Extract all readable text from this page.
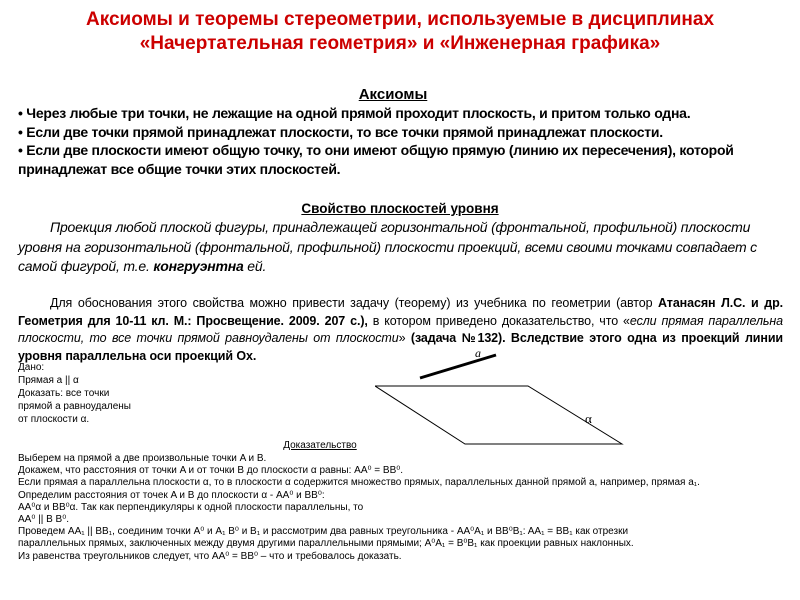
Аксиомы и теоремы стереометрии, используемые в дисциплинах
«Начертательная геометрия» и «Инженерная графика»
Аксиомы

• Через любые три точки, не лежащие на одной прямой проходит плоскость, и притом только одна.

• Если две точки прямой принадлежат плоскости, то все точки прямой принадлежат плоскости.

• Если две плоскости имеют общую точку, то они имеют общую прямую (линию их пересечения), которой принадлежат все общие точки этих плоскостей.

Свойство плоскостей уровня
Проекция любой плоской фигуры, принадлежащей горизонтальной (фронтальной, профильной) плоскости уровня на горизонтальной (фронтальной, профильной) плоскости проекций, всеми своими точками совпадает с самой фигурой, т.е. конгруэнтна ей.
Для обоснования этого свойства можно привести задачу (теорему) из учебника по геометрии (автор Атанасян Л.С. и др. Геометрия для 10-11 кл. М.: Просвещение. 2009. 207 с.), в котором приведено доказательство, что «если прямая параллельна плоскости, то все точки прямой равноудалены от плоскости» (задача №132). Вследствие этого одна из проекций линии уровня параллельна оси проекций Ox.
Дано:
Прямая a || α
Доказать: все точки
прямой a равноудалены
от плоскости α.
a
α
Доказательство
Выберем на прямой a две произвольные точки A и B.
Докажем, что расстояния от точки A и от точки B до плоскости α равны: AA⁰ = BB⁰.
Если прямая a параллельна плоскости α, то в плоскости α содержится множество прямых, параллельных данной прямой a, например, прямая a₁.
Определим расстояния от точек A и B до плоскости α - AA⁰ и BB⁰:
AA⁰α и BB⁰α. Так как перпендикуляры к одной плоскости параллельны, то
AA⁰ || B B⁰.
Проведем AA₁ || BB₁, соединим точки A⁰ и A₁ B⁰ и B₁ и рассмотрим два равных треугольника - AA⁰A₁ и BB⁰B₁: AA₁ = BB₁ как отрезки
параллельных прямых, заключенных между двумя другими параллельными прямыми; A⁰A₁ = B⁰B₁ как проекции равных наклонных.
Из равенства треугольников следует, что AA⁰ = BB⁰ – что и требовалось доказать.
